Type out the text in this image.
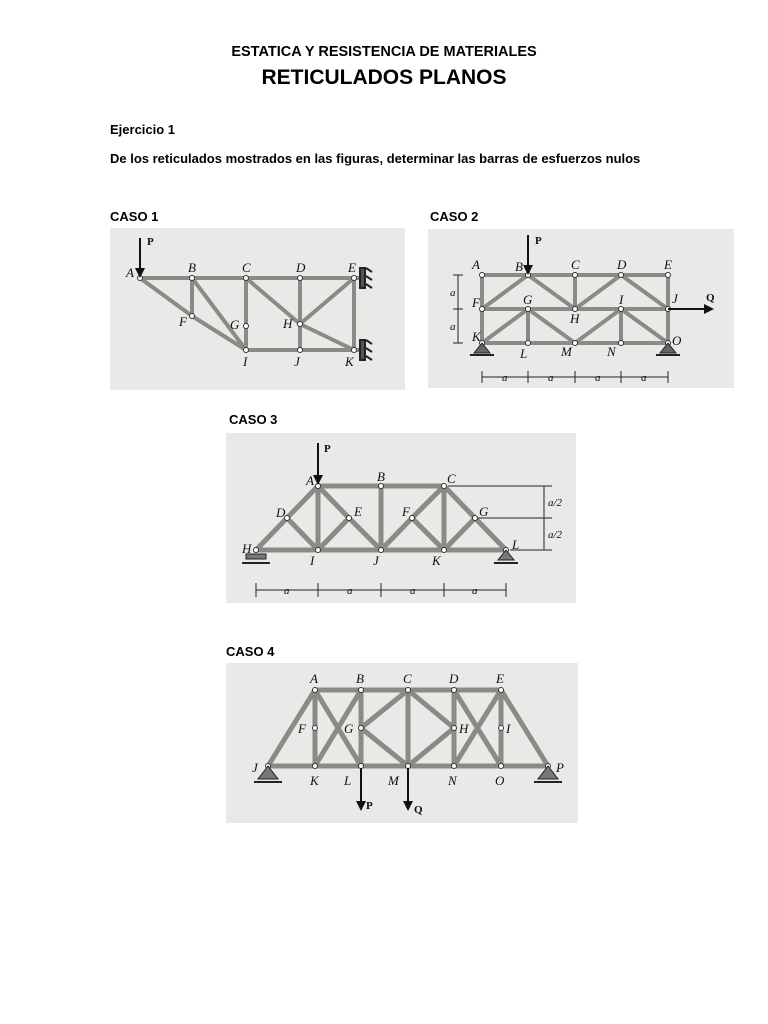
ESTATICA Y RESISTENCIA DE MATERIALES
RETICULADOS PLANOS
Ejercicio 1
De los reticulados mostrados en las figuras, determinar las barras de esfuerzos nulos
CASO 1
P
A	B	C	D	E
F	G	H
I	J	K
CASO 2
P
Q
a	a	a	a
a
a
A	B	C	D	E
F	G
H
I	J
K
L	M	N
O
CASO 3
P
a	a	a	a
a/2
a/2
A	B	C
D	E	F	G
H
I	J	K
L
CASO 4
P	Q
A	B	C	D	E
F	G	H	I
J
K L	M	N	O
P
